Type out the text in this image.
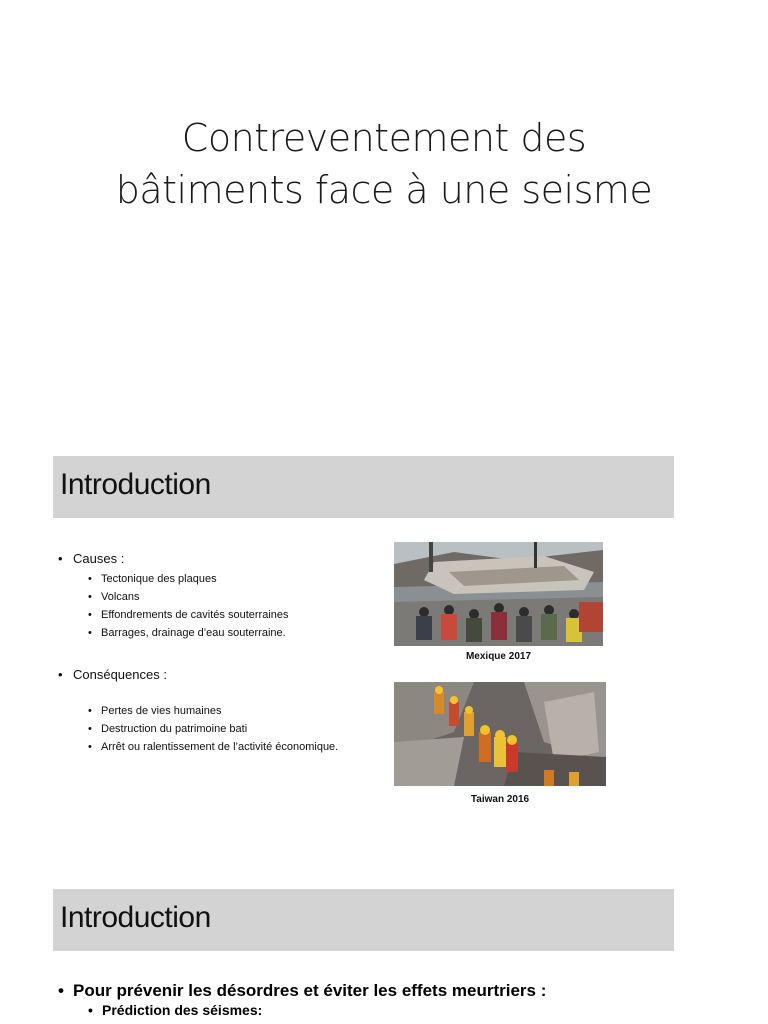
Contreventement des
bâtiments face à une seisme
Introduction
• Causes :
• Tectonique des plaques
• Volcans
• Effondrements de cavités souterraines
• Barrages, drainage d’eau souterraine.
• Conséquences :
• Pertes de vies humaines
• Destruction du patrimoine bati
• Arrêt ou ralentissement de l’activité économique.
Mexique 2017
Taiwan 2016
Introduction
• Pour prévenir les désordres et éviter les effets meurtriers :
• Prédiction des séismes:
